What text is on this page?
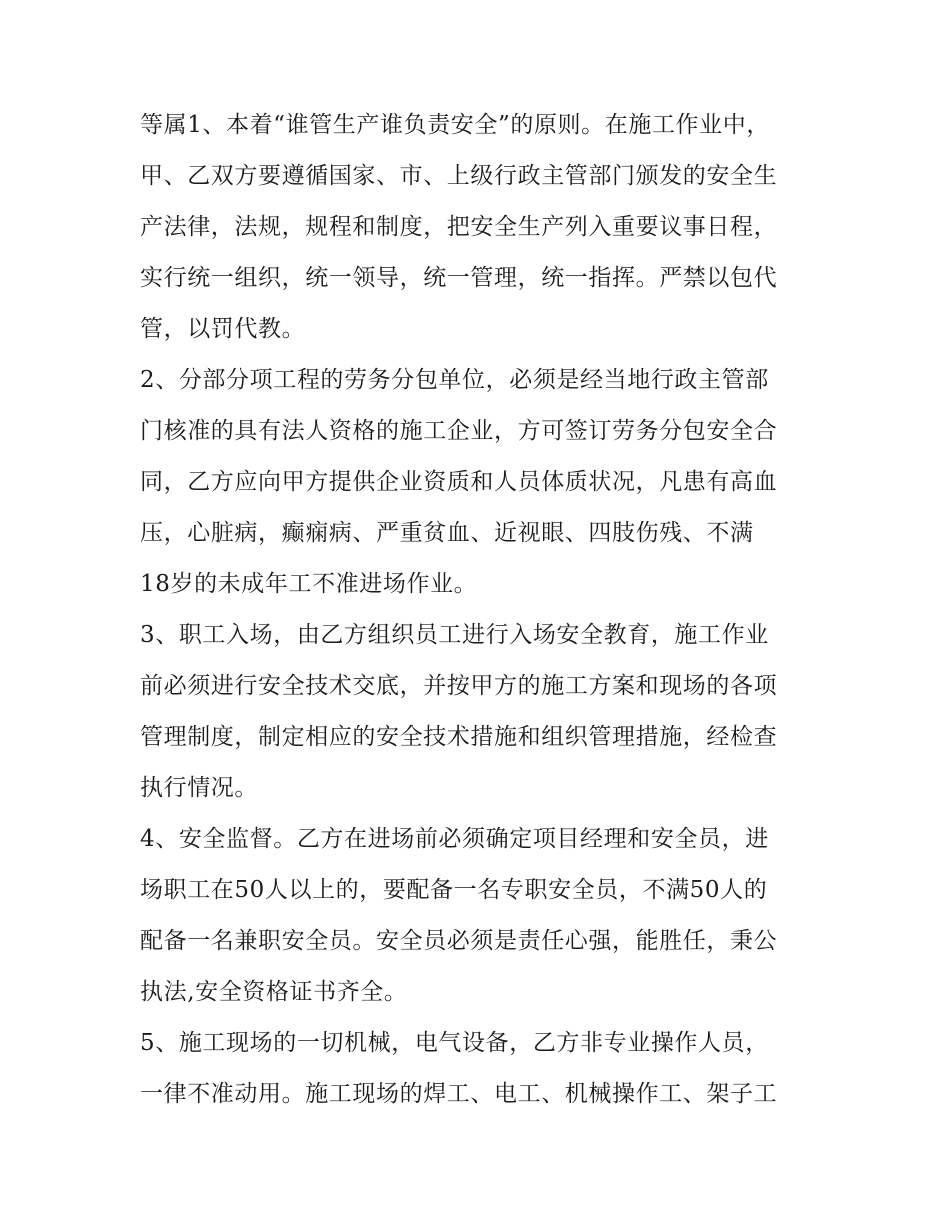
等属1、本着“谁管生产谁负责安全”的原则。在施工作业中，
甲、乙双方要遵循国家、市、上级行政主管部门颁发的安全生
产法律，法规，规程和制度，把安全生产列入重要议事日程，
实行统一组织，统一领导，统一管理，统一指挥。严禁以包代
管，以罚代教。
2、分部分项工程的劳务分包单位，必须是经当地行政主管部
门核准的具有法人资格的施工企业，方可签订劳务分包安全合
同，乙方应向甲方提供企业资质和人员体质状况，凡患有高血
压，心脏病，癫痫病、严重贫血、近视眼、四肢伤残、不满
18岁的未成年工不准进场作业。
3、职工入场，由乙方组织员工进行入场安全教育，施工作业
前必须进行安全技术交底，并按甲方的施工方案和现场的各项
管理制度，制定相应的安全技术措施和组织管理措施，经检查
执行情况。
4、安全监督。乙方在进场前必须确定项目经理和安全员，进
场职工在50人以上的，要配备一名专职安全员，不满50人的
配备一名兼职安全员。安全员必须是责任心强，能胜任，秉公
执法,安全资格证书齐全。
5、施工现场的一切机械，电气设备，乙方非专业操作人员，
一律不准动用。施工现场的焊工、电工、机械操作工、架子工
